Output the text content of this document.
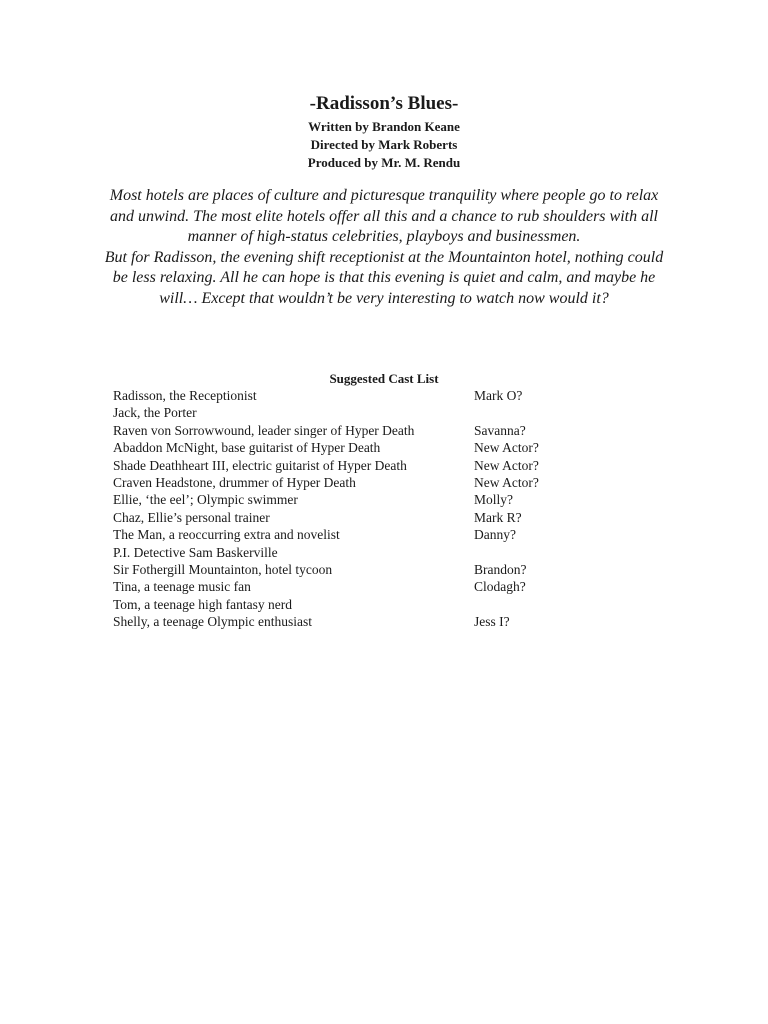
-Radisson’s Blues-

Written by Brandon Keane

Directed by Mark Roberts

Produced by Mr. M. Rendu

Most hotels are places of culture and picturesque tranquility where people go to relax and unwind. The most elite hotels offer all this and a chance to rub shoulders with all manner of high-status celebrities, playboys and businessmen.

But for Radisson, the evening shift receptionist at the Mountainton hotel, nothing could be less relaxing. All he can hope is that this evening is quiet and calm, and maybe he will… Except that wouldn’t be very interesting to watch now would it?

Suggested Cast List
Radisson, the Receptionist	Mark O?
Jack, the Porter
Raven von Sorrowwound, leader singer of Hyper Death	Savanna?
Abaddon McNight, base guitarist of Hyper Death	New Actor?
Shade Deathheart III, electric guitarist of Hyper Death	New Actor?
Craven Headstone, drummer of Hyper Death	New Actor?
Ellie, ‘the eel’; Olympic swimmer	Molly?
Chaz, Ellie’s personal trainer	Mark R?
The Man, a reoccurring extra and novelist	Danny?
P.I. Detective Sam Baskerville
Sir Fothergill Mountainton, hotel tycoon	Brandon?
Tina, a teenage music fan	Clodagh?
Tom, a teenage high fantasy nerd
Shelly, a teenage Olympic enthusiast	Jess I?
